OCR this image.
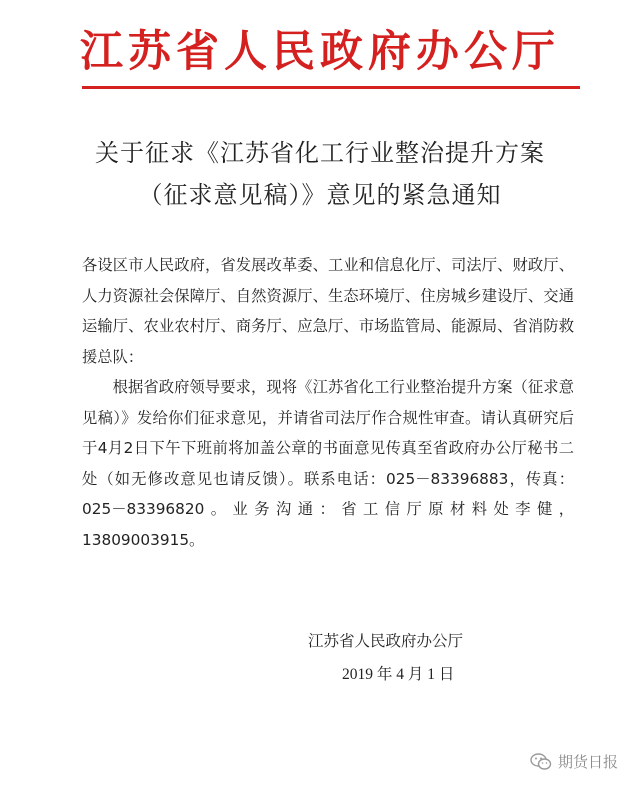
江苏省人民政府办公厅
关于征求《江苏省化工行业整治提升方案
（征求意见稿）》意见的紧急通知

各设区市人民政府，省发展改革委、工业和信息化厅、司法厅、财政厅、人力资源社会保障厅、自然资源厅、生态环境厅、住房城乡建设厅、交通运输厅、农业农村厅、商务厅、应急厅、市场监管局、能源局、省消防救援总队：

根据省政府领导要求，现将《江苏省化工行业整治提升方案（征求意见稿）》发给你们征求意见，并请省司法厅作合规性审查。请认真研究后于4月2日下午下班前将加盖公章的书面意见传真至省政府办公厅秘书二处（如无修改意见也请反馈）。联系电话：025－83396883，传真：025－83396820。业务沟通：省工信厅原材料处李健，13809003915。

江苏省人民政府办公厅
2019 年 4 月 1 日
期货日报
